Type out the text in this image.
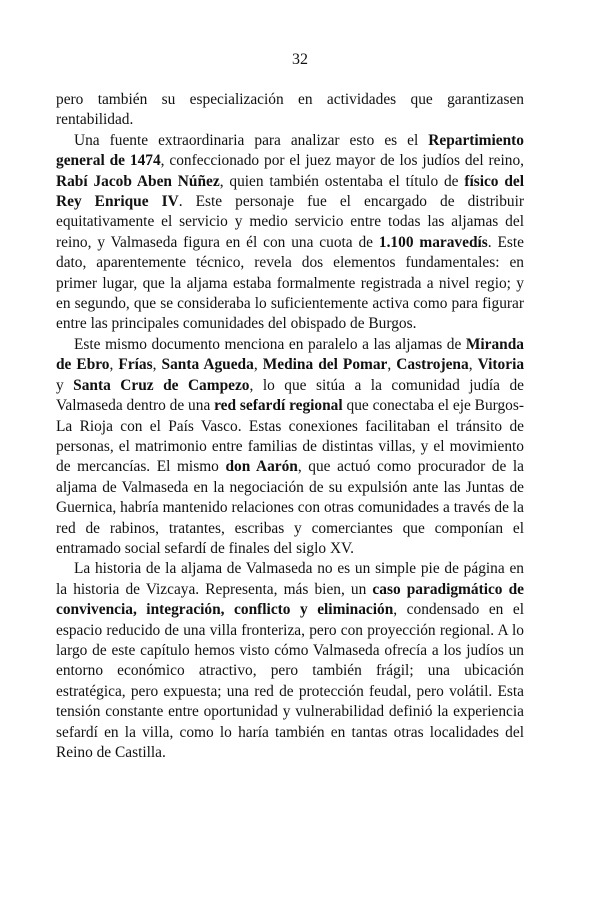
32

pero también su especialización en actividades que garantizasen rentabilidad.

Una fuente extraordinaria para analizar esto es el Repartimiento general de 1474, confeccionado por el juez mayor de los judíos del reino, Rabí Jacob Aben Núñez, quien también ostentaba el título de físico del Rey Enrique IV. Este personaje fue el encargado de distribuir equitativamente el servicio y medio servicio entre todas las aljamas del reino, y Valmaseda figura en él con una cuota de 1.100 maravedís. Este dato, aparentemente técnico, revela dos elementos fundamentales: en primer lugar, que la aljama estaba formalmente registrada a nivel regio; y en segundo, que se consideraba lo suficientemente activa como para figurar entre las principales comunidades del obispado de Burgos.

Este mismo documento menciona en paralelo a las aljamas de Miranda de Ebro, Frías, Santa Agueda, Medina del Pomar, Castrojena, Vitoria y Santa Cruz de Campezo, lo que sitúa a la comunidad judía de Valmaseda dentro de una red sefardí regional que conectaba el eje Burgos-La Rioja con el País Vasco. Estas conexiones facilitaban el tránsito de personas, el matrimonio entre familias de distintas villas, y el movimiento de mercancías. El mismo don Aarón, que actuó como procurador de la aljama de Valmaseda en la negociación de su expulsión ante las Juntas de Guernica, habría mantenido relaciones con otras comunidades a través de la red de rabinos, tratantes, escribas y comerciantes que componían el entramado social sefardí de finales del siglo XV.

La historia de la aljama de Valmaseda no es un simple pie de página en la historia de Vizcaya. Representa, más bien, un caso paradigmático de convivencia, integración, conflicto y eliminación, condensado en el espacio reducido de una villa fronteriza, pero con proyección regional. A lo largo de este capítulo hemos visto cómo Valmaseda ofrecía a los judíos un entorno económico atractivo, pero también frágil; una ubicación estratégica, pero expuesta; una red de protección feudal, pero volátil. Esta tensión constante entre oportunidad y vulnerabilidad definió la experiencia sefardí en la villa, como lo haría también en tantas otras localidades del Reino de Castilla.
